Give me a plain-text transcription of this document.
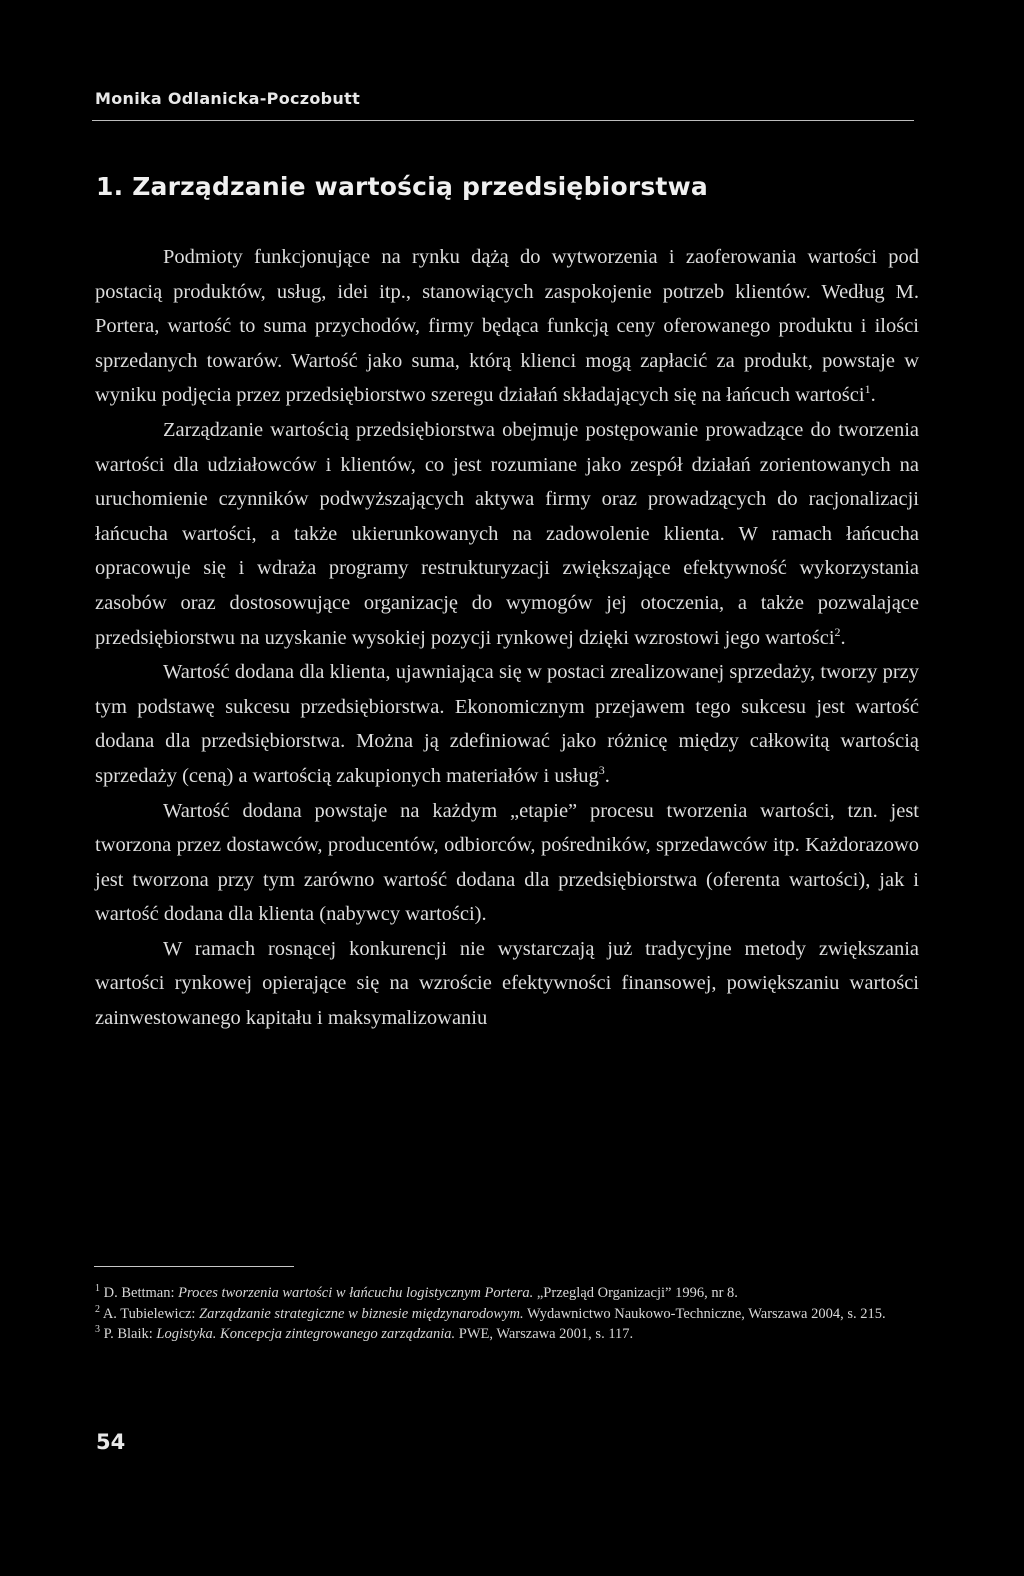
Monika Odlanicka-Poczobutt
1. Zarządzanie wartością przedsiębiorstwa

Podmioty funkcjonujące na rynku dążą do wytworzenia i zaoferowania wartości pod postacią produktów, usług, idei itp., stanowiących zaspokojenie potrzeb klientów. Według M. Portera, wartość to suma przychodów, firmy będąca funkcją ceny oferowanego produktu i ilości sprzedanych towarów. Wartość jako suma, którą klienci mogą zapłacić za produkt, powstaje w wyniku podjęcia przez przedsiębiorstwo szeregu działań składających się na łańcuch wartości$^1$.

Zarządzanie wartością przedsiębiorstwa obejmuje postępowanie prowadzące do tworzenia wartości dla udziałowców i klientów, co jest rozumiane jako zespół działań zorientowanych na uruchomienie czynników podwyższających aktywa firmy oraz prowadzących do racjonalizacji łańcucha wartości, a także ukierunkowanych na zadowolenie klienta. W ramach łańcucha opracowuje się i wdraża programy restrukturyzacji zwiększające efektywność wykorzystania zasobów oraz dostosowujące organizację do wymogów jej otoczenia, a także pozwalające przedsiębiorstwu na uzyskanie wysokiej pozycji rynkowej dzięki wzrostowi jego wartości$^2$.

Wartość dodana dla klienta, ujawniająca się w postaci zrealizowanej sprzedaży, tworzy przy tym podstawę sukcesu przedsiębiorstwa. Ekonomicznym przejawem tego sukcesu jest wartość dodana dla przedsiębiorstwa. Można ją zdefiniować jako różnicę między całkowitą wartością sprzedaży (ceną) a wartością zakupionych materiałów i usług$^3$.

Wartość dodana powstaje na każdym „etapie” procesu tworzenia wartości, tzn. jest tworzona przez dostawców, producentów, odbiorców, pośredników, sprzedawców itp. Każdorazowo jest tworzona przy tym zarówno wartość dodana dla przedsiębiorstwa (oferenta wartości), jak i wartość dodana dla klienta (nabywcy wartości).

W ramach rosnącej konkurencji nie wystarczają już tradycyjne metody zwiększania wartości rynkowej opierające się na wzroście efektywności finansowej, powiększaniu wartości zainwestowanego kapitału i maksymalizowaniu

$^1$ D. Bettman: Proces tworzenia wartości w łańcuchu logistycznym Portera. „Przegląd Organizacji” 1996, nr 8.

$^2$ A. Tubielewicz: Zarządzanie strategiczne w biznesie międzynarodowym. Wydawnictwo Naukowo-Techniczne, Warszawa 2004, s. 215.

$^3$ P. Blaik: Logistyka. Koncepcja zintegrowanego zarządzania. PWE, Warszawa 2001, s. 117.

54
